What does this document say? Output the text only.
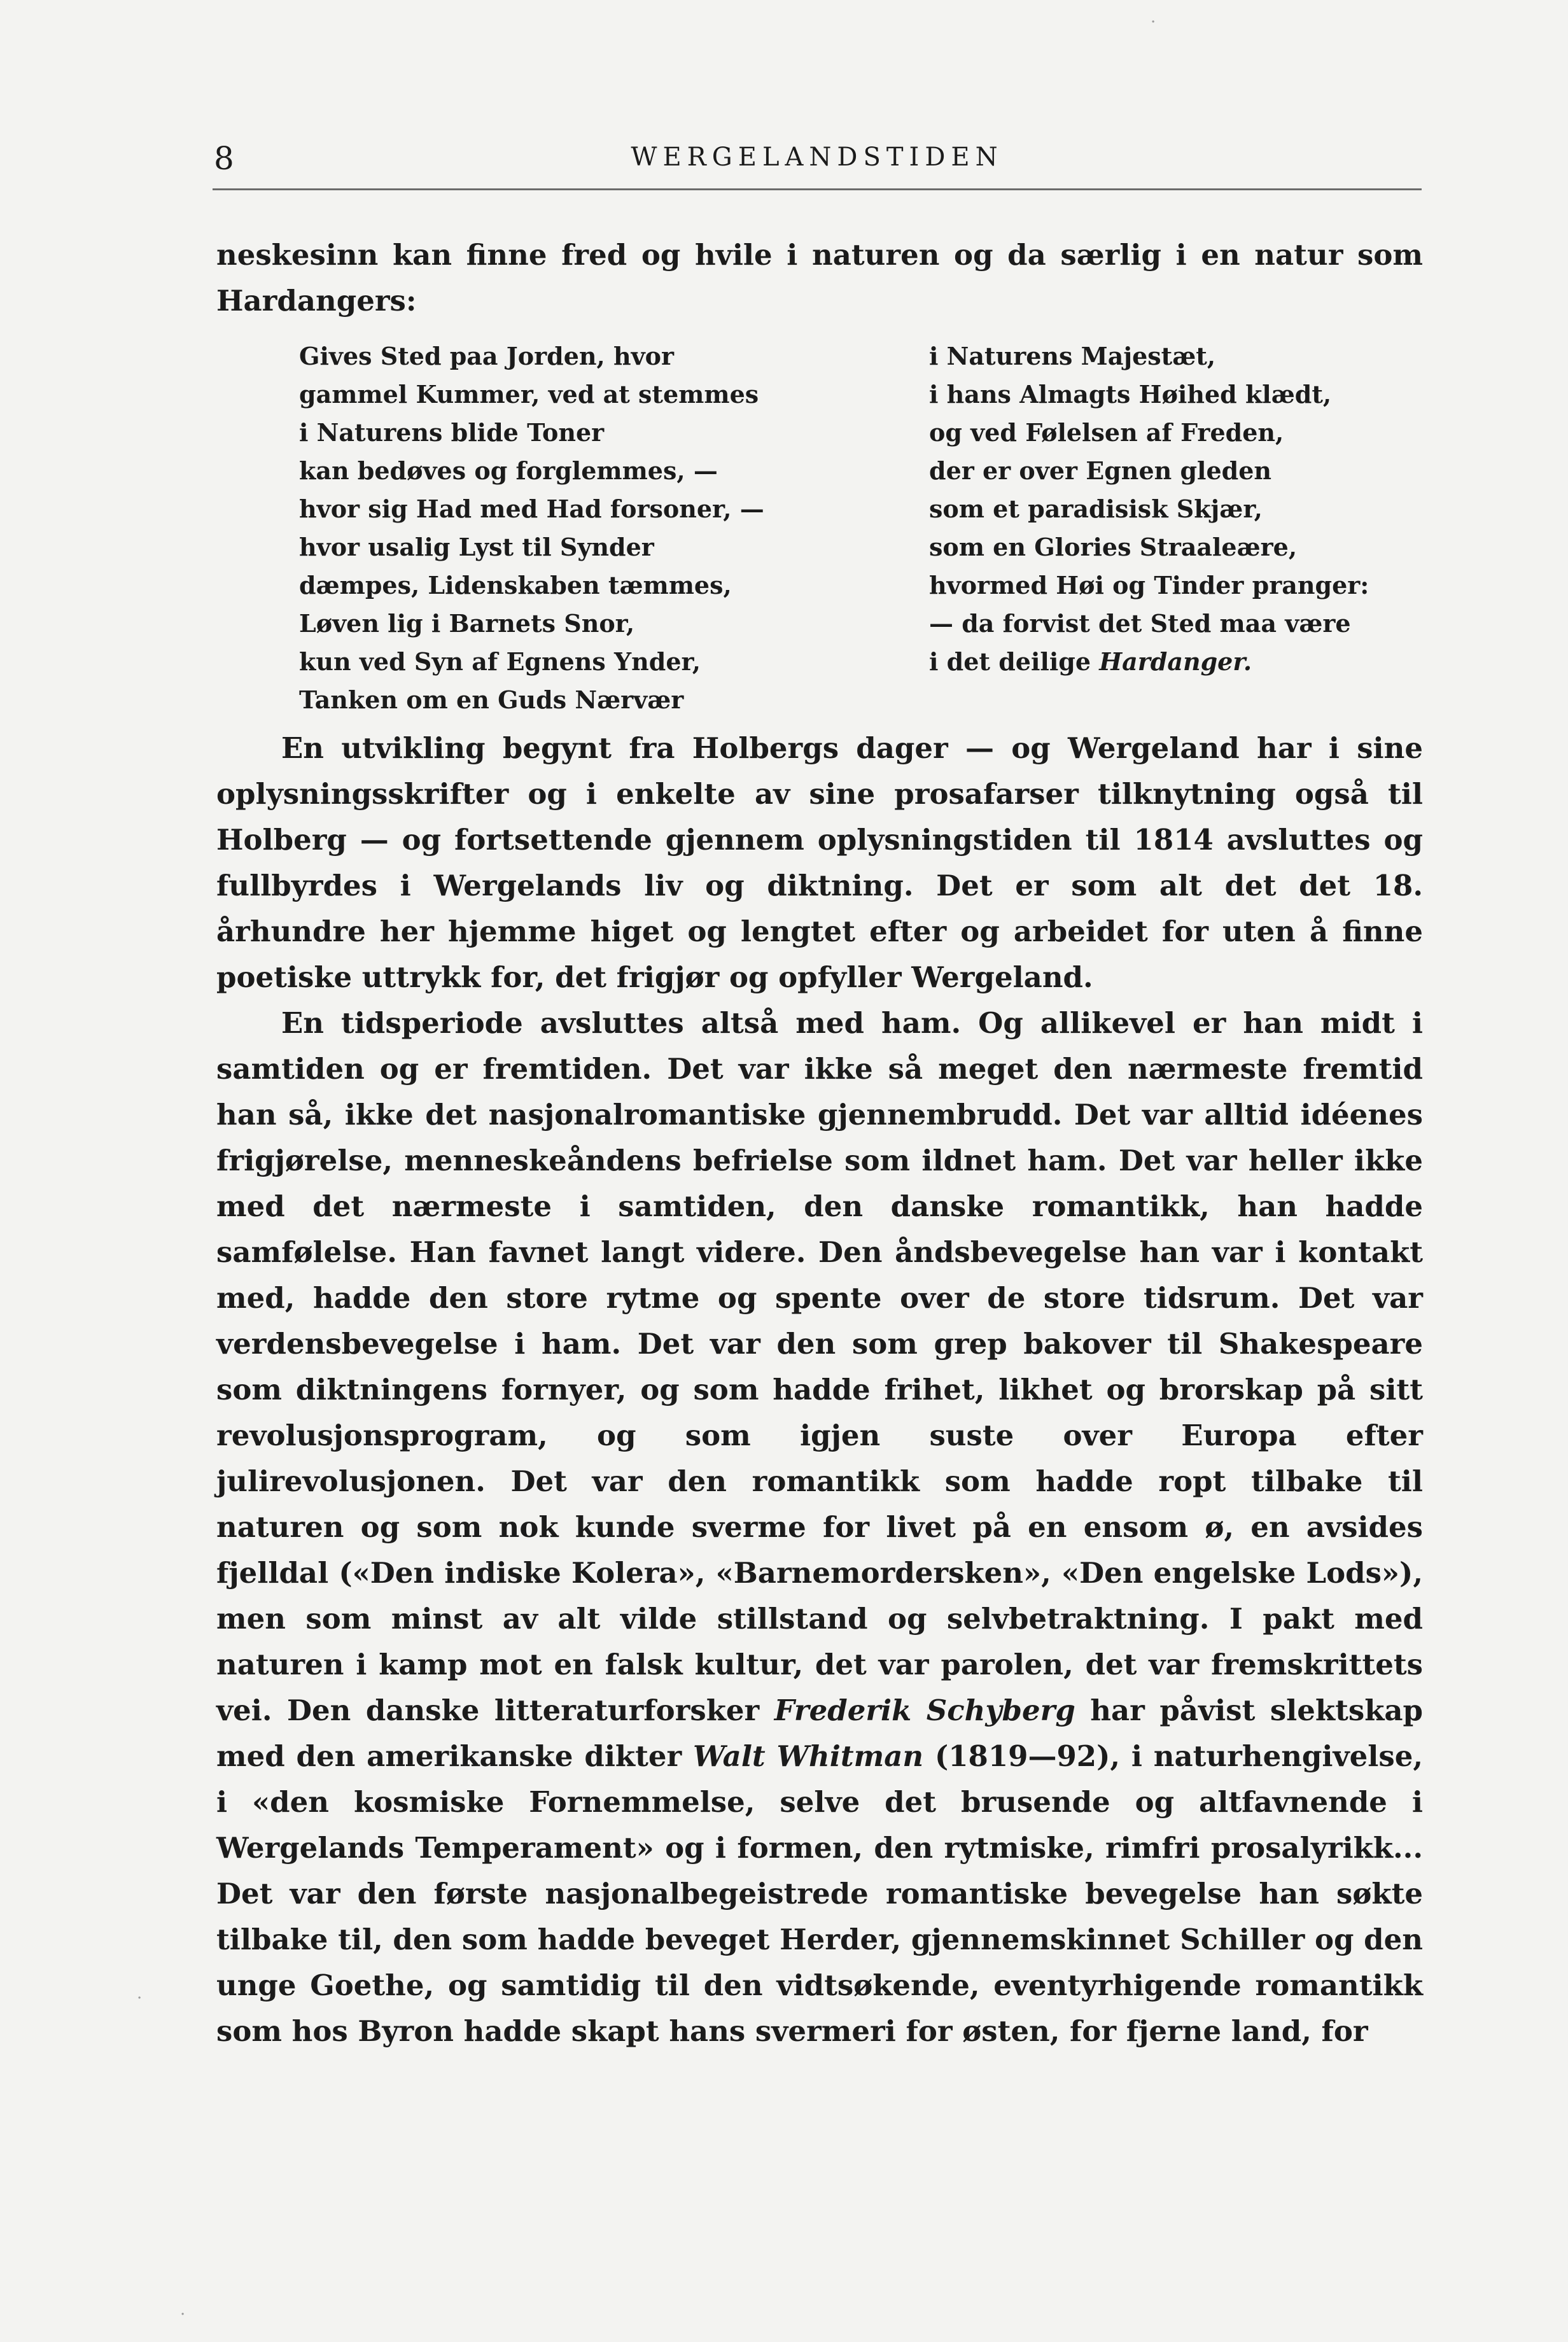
8	WERGELANDSTIDEN

neskesinn kan finne fred og hvile i naturen og da særlig i en natur som Hardangers:

Gives Sted paa Jorden, hvor
gammel Kummer, ved at stemmes
i Naturens blide Toner
kan bedøves og forglemmes, —
hvor sig Had med Had forsoner, —
hvor usalig Lyst til Synder
dæmpes, Lidenskaben tæmmes,
Løven lig i Barnets Snor,
kun ved Syn af Egnens Ynder,
Tanken om en Guds Nærvær
i Naturens Majestæt,
i hans Almagts Høihed klædt,
og ved Følelsen af Freden,
der er over Egnen gleden
som et paradisisk Skjær,
som en Glories Straaleære,
hvormed Høi og Tinder pranger:
— da forvist det Sted maa være
i det deilige Hardanger.

En utvikling begynt fra Holbergs dager — og Wergeland har i sine oplysningsskrifter og i enkelte av sine prosafarser tilknytning også til Holberg — og fortsettende gjennem oplysningstiden til 1814 avsluttes og fullbyrdes i Wergelands liv og diktning. Det er som alt det det 18. århundre her hjemme higet og lengtet efter og arbeidet for uten å finne poetiske uttrykk for, det frigjør og opfyller Wergeland.

En tidsperiode avsluttes altså med ham. Og allikevel er han midt i samtiden og er fremtiden. Det var ikke så meget den nærmeste fremtid han så, ikke det nasjonalromantiske gjennembrudd. Det var alltid idéenes frigjørelse, menneskeåndens befrielse som ildnet ham. Det var heller ikke med det nærmeste i samtiden, den danske romantikk, han hadde samfølelse. Han favnet langt videre. Den åndsbevegelse han var i kontakt med, hadde den store rytme og spente over de store tidsrum. Det var verdensbevegelse i ham. Det var den som grep bakover til Shakespeare som diktningens fornyer, og som hadde frihet, likhet og brorskap på sitt revolusjonsprogram, og som igjen suste over Europa efter julirevolusjonen. Det var den romantikk som hadde ropt tilbake til naturen og som nok kunde sverme for livet på en ensom ø, en avsides fjelldal («Den indiske Kolera», «Barnemordersken», «Den engelske Lods»), men som minst av alt vilde stillstand og selvbetraktning. I pakt med naturen i kamp mot en falsk kultur, det var parolen, det var fremskrittets vei. Den danske litteraturforsker Frederik Schyberg har påvist slektskap med den amerikanske dikter Walt Whitman (1819—92), i naturhengivelse, i «den kosmiske Fornemmelse, selve det brusende og altfavnende i Wergelands Temperament» og i formen, den rytmiske, rimfri prosalyrikk... Det var den første nasjonalbegeistrede romantiske bevegelse han søkte tilbake til, den som hadde beveget Herder, gjennemskinnet Schiller og den unge Goethe, og samtidig til den vidtsøkende, eventyrhigende romantikk som hos Byron hadde skapt hans svermeri for østen, for fjerne land, for

·
·
·
